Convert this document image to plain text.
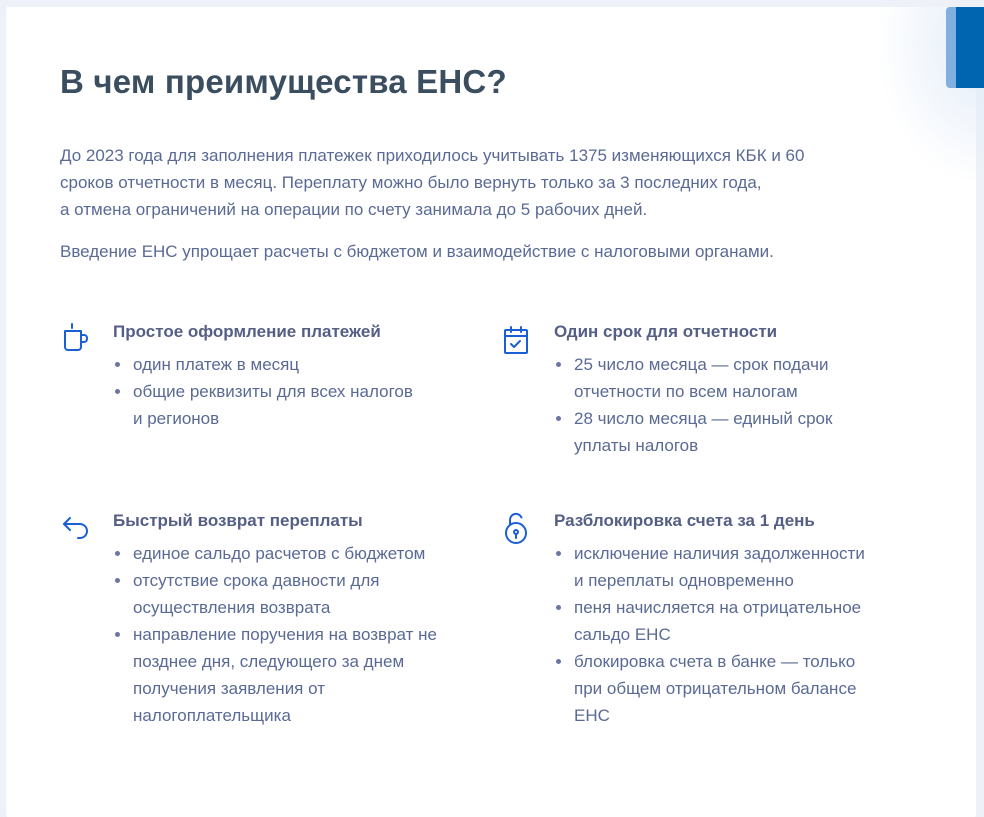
В чем преимущества ЕНС?

До 2023 года для заполнения платежек приходилось учитывать 1375 изменяющихся КБК и 60
сроков отчетности в месяц. Переплату можно было вернуть только за 3 последних года,
а отмена ограничений на операции по счету занимала до 5 рабочих дней.

Введение ЕНС упрощает расчеты с бюджетом и взаимодействие с налоговыми органами.

Простое оформление платежей
один платеж в месяц
общие реквизиты для всех налогов
и регионов
Один срок для отчетности
25 число месяца — срок подачи
отчетности по всем налогам
28 число месяца — единый срок
уплаты налогов
Быстрый возврат переплаты
единое сальдо расчетов с бюджетом
отсутствие срока давности для
осуществления возврата
направление поручения на возврат не
позднее дня, следующего за днем
получения заявления от
налогоплательщика
Разблокировка счета за 1 день
исключение наличия задолженности
и переплаты одновременно
пеня начисляется на отрицательное
сальдо ЕНС
блокировка счета в банке — только
при общем отрицательном балансе
ЕНС
